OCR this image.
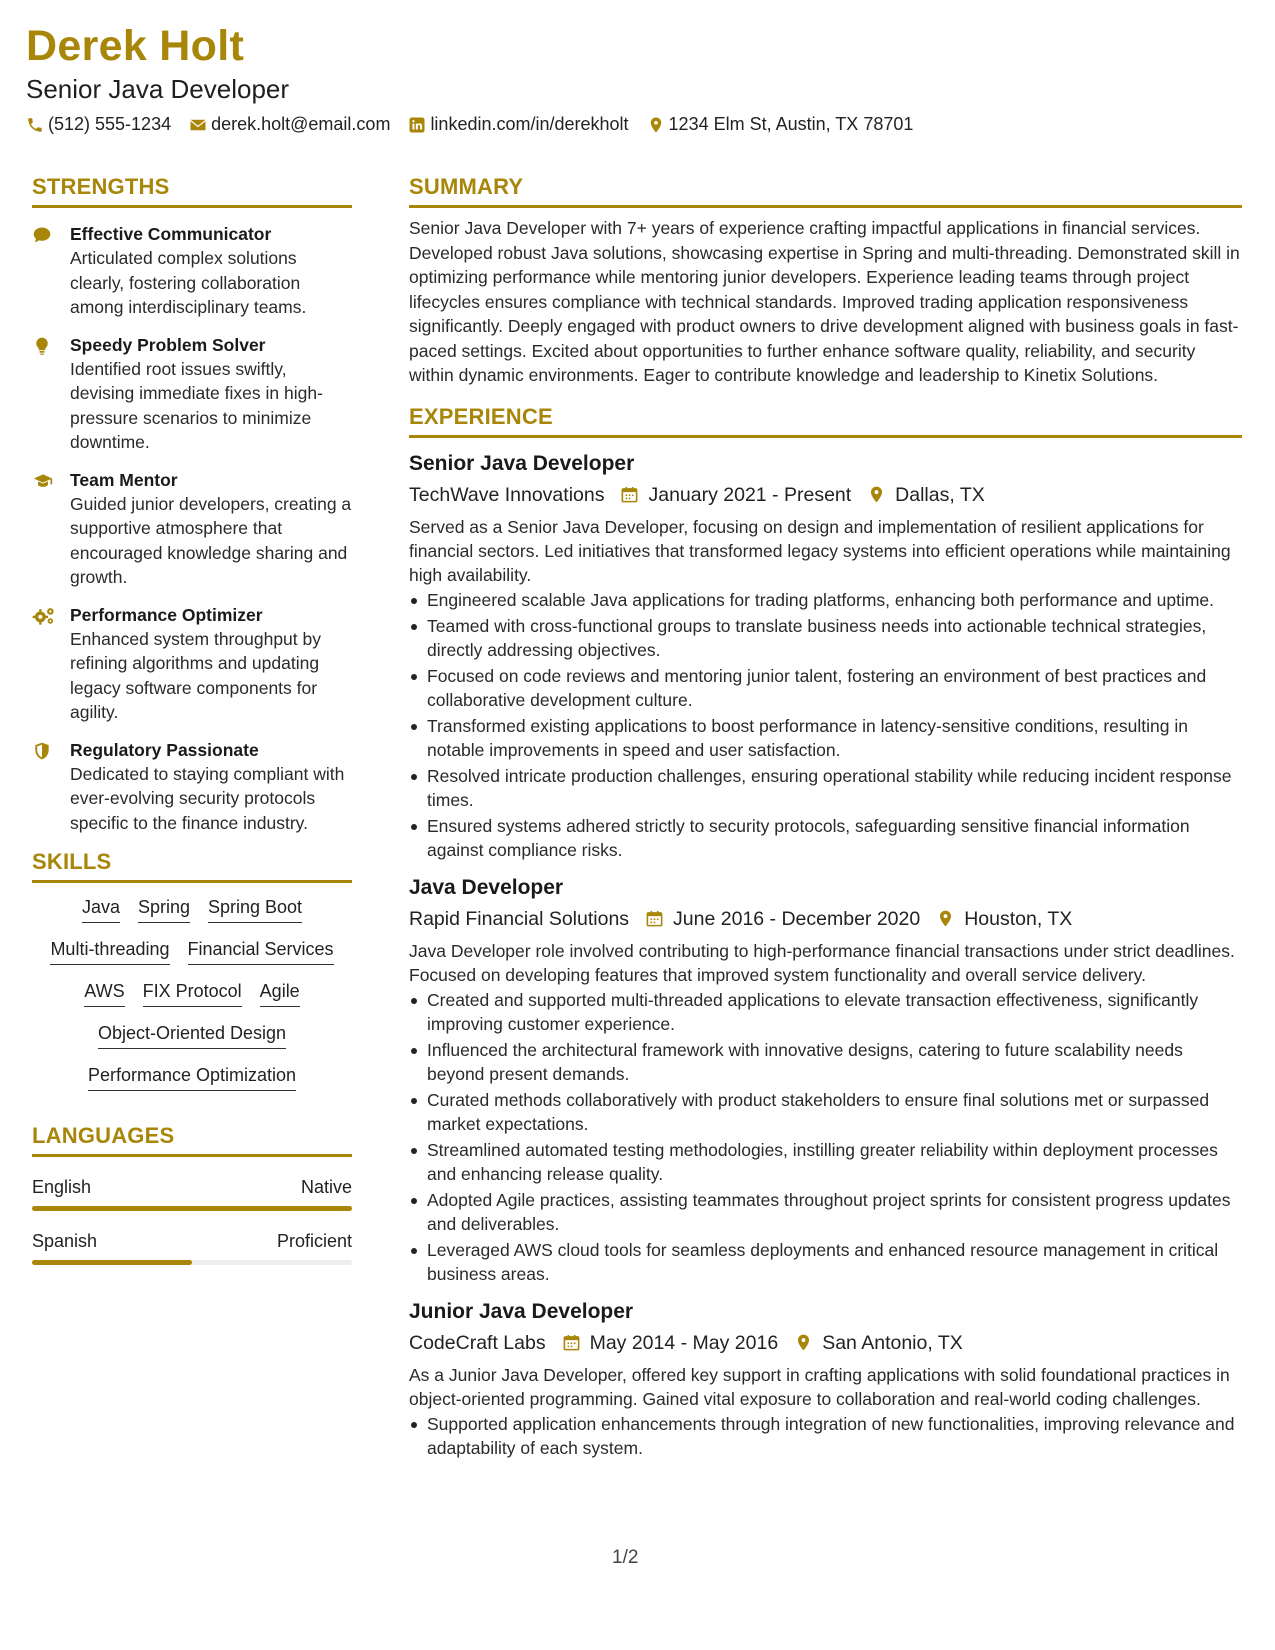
Derek Holt
Senior Java Developer
(512) 555-1234 derek.holt@email.com linkedin.com/in/derekholt 1234 Elm St, Austin, TX 78701
STRENGTHS
Effective Communicator
Articulated complex solutions clearly, fostering collaboration among interdisciplinary teams.
Speedy Problem Solver
Identified root issues swiftly, devising immediate fixes in high-pressure scenarios to minimize downtime.
Team Mentor
Guided junior developers, creating a supportive atmosphere that encouraged knowledge sharing and growth.
Performance Optimizer
Enhanced system throughput by refining algorithms and updating legacy software components for agility.
Regulatory Passionate
Dedicated to staying compliant with ever-evolving security protocols specific to the finance industry.
SKILLS
Java Spring Spring Boot
Multi-threading Financial Services
AWS FIX Protocol Agile
Object-Oriented Design
Performance Optimization
LANGUAGES
English	Native
Spanish	Proficient
SUMMARY
Senior Java Developer with 7+ years of experience crafting impactful applications in financial services. Developed robust Java solutions, showcasing expertise in Spring and multi-threading. Demonstrated skill in optimizing performance while mentoring junior developers. Experience leading teams through project lifecycles ensures compliance with technical standards. Improved trading application responsiveness significantly. Deeply engaged with product owners to drive development aligned with business goals in fast-paced settings. Excited about opportunities to further enhance software quality, reliability, and security within dynamic environments. Eager to contribute knowledge and leadership to Kinetix Solutions.
EXPERIENCE
Senior Java Developer
TechWave Innovations January 2021 - Present Dallas, TX
Served as a Senior Java Developer, focusing on design and implementation of resilient applications for financial sectors. Led initiatives that transformed legacy systems into efficient operations while maintaining high availability.
Engineered scalable Java applications for trading platforms, enhancing both performance and uptime.
Teamed with cross-functional groups to translate business needs into actionable technical strategies, directly addressing objectives.
Focused on code reviews and mentoring junior talent, fostering an environment of best practices and collaborative development culture.
Transformed existing applications to boost performance in latency-sensitive conditions, resulting in notable improvements in speed and user satisfaction.
Resolved intricate production challenges, ensuring operational stability while reducing incident response times.
Ensured systems adhered strictly to security protocols, safeguarding sensitive financial information against compliance risks.
Java Developer
Rapid Financial Solutions June 2016 - December 2020 Houston, TX
Java Developer role involved contributing to high-performance financial transactions under strict deadlines. Focused on developing features that improved system functionality and overall service delivery.
Created and supported multi-threaded applications to elevate transaction effectiveness, significantly improving customer experience.
Influenced the architectural framework with innovative designs, catering to future scalability needs beyond present demands.
Curated methods collaboratively with product stakeholders to ensure final solutions met or surpassed market expectations.
Streamlined automated testing methodologies, instilling greater reliability within deployment processes and enhancing release quality.
Adopted Agile practices, assisting teammates throughout project sprints for consistent progress updates and deliverables.
Leveraged AWS cloud tools for seamless deployments and enhanced resource management in critical business areas.
Junior Java Developer
CodeCraft Labs May 2014 - May 2016 San Antonio, TX
As a Junior Java Developer, offered key support in crafting applications with solid foundational practices in object-oriented programming. Gained vital exposure to collaboration and real-world coding challenges.
Supported application enhancements through integration of new functionalities, improving relevance and adaptability of each system.
1/2
